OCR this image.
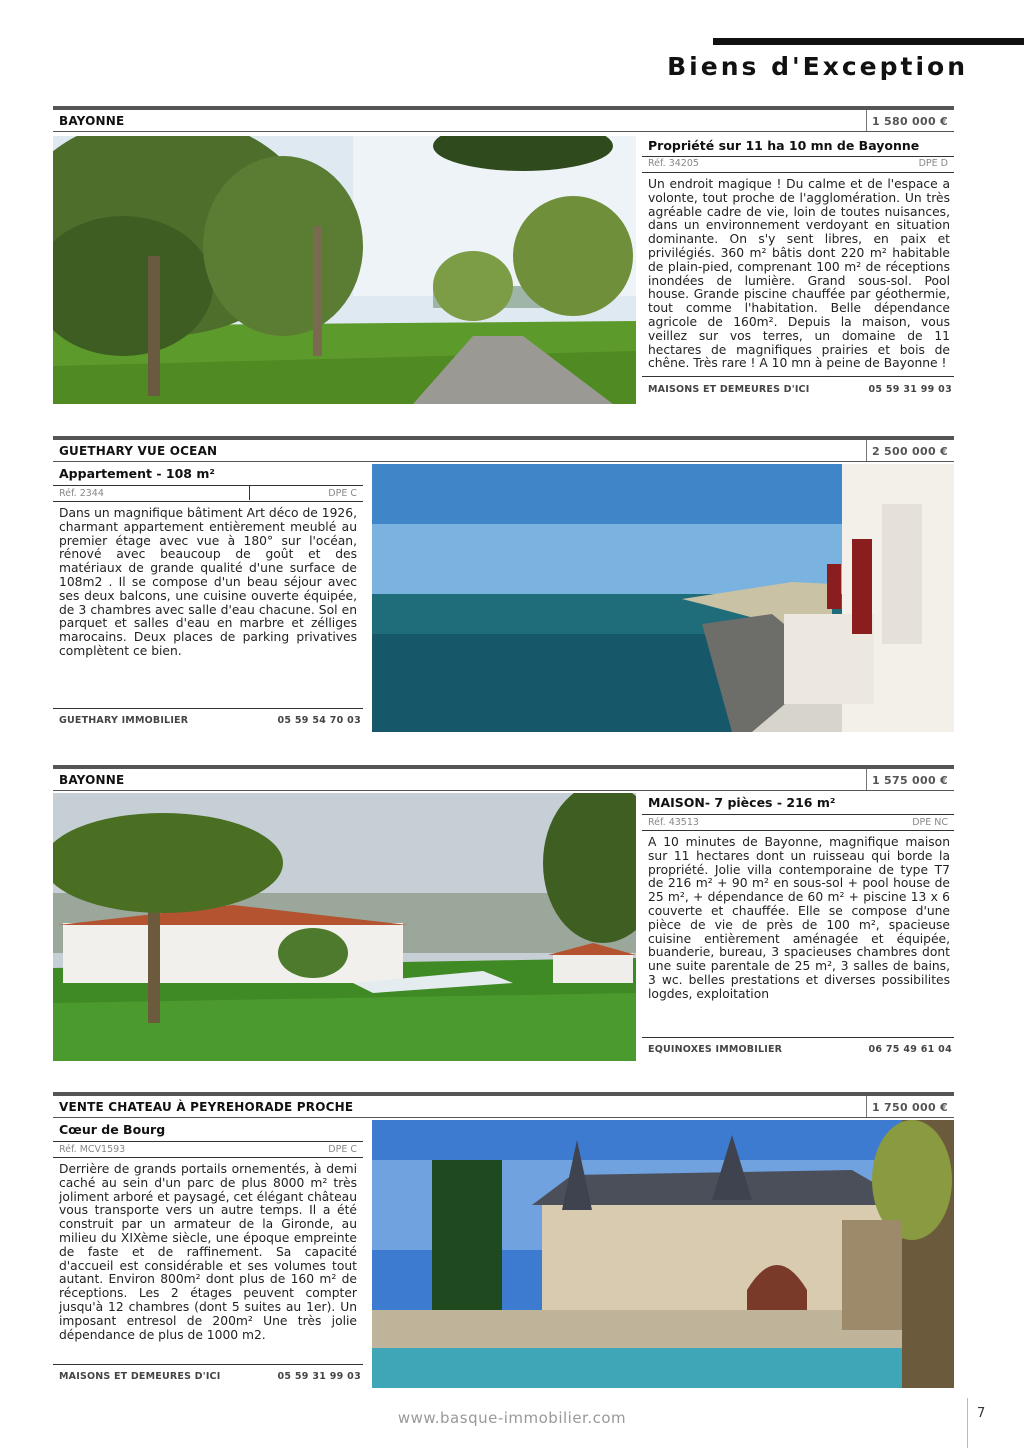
Biens d'Exception
BAYONNE	1 580 000 €
Propriété sur 11 ha 10 mn de Bayonne
Réf. 34205	DPE D
Un endroit magique ! Du calme et de l'espace a volonte, tout proche de l'agglomération. Un très agréable cadre de vie, loin de toutes nuisances, dans un environnement verdoyant en situation dominante. On s'y sent libres, en paix et privilégiés. 360 m² bâtis dont 220 m² habitable de plain-pied, comprenant 100 m² de réceptions inondées de lumière. Grand sous-sol. Pool house. Grande piscine chauffée par géothermie, tout comme l'habitation. Belle dépendance agricole de 160m². Depuis la maison, vous veillez sur vos terres, un domaine de 11 hectares de magnifiques prairies et bois de chêne. Très rare ! A 10 mn à peine de Bayonne !
MAISONS ET DEMEURES D'ICI	05 59 31 99 03
GUETHARY VUE OCEAN	2 500 000 €
Appartement - 108 m²
Réf. 2344	DPE C
Dans un magnifique bâtiment Art déco de 1926, charmant appartement entièrement meublé au premier étage avec vue à 180° sur l'océan, rénové avec beaucoup de goût et des matériaux de grande qualité d'une surface de 108m2 . Il se compose d'un beau séjour avec ses deux balcons, une cuisine ouverte équipée, de 3 chambres avec salle d'eau chacune. Sol en parquet et salles d'eau en marbre et zélliges marocains. Deux places de parking privatives complètent ce bien.
GUETHARY IMMOBILIER	05 59 54 70 03
BAYONNE	1 575 000 €
MAISON- 7 pièces - 216 m²
Réf. 43513	DPE NC
A 10 minutes de Bayonne, magnifique maison sur 11 hectares dont un ruisseau qui borde la propriété. Jolie villa contemporaine de type T7 de 216 m² + 90 m² en sous-sol + pool house de 25 m², + dépendance de 60 m² + piscine 13 x 6 couverte et chauffée. Elle se compose d'une pièce de vie de près de 100 m², spacieuse cuisine entièrement aménagée et équipée, buanderie, bureau, 3 spacieuses chambres dont une suite parentale de 25 m², 3 salles de bains, 3 wc. belles prestations et diverses possibilites logdes, exploitation
EQUINOXES IMMOBILIER	06 75 49 61 04
VENTE CHATEAU À PEYREHORADE PROCHE	1 750 000 €
Cœur de Bourg
Réf. MCV1593	DPE C
Derrière de grands portails ornementés, à demi caché au sein d'un parc de plus 8000 m² très joliment arboré et paysagé, cet élégant château vous transporte vers un autre temps. Il a été construit par un armateur de la Gironde, au milieu du XIXème siècle, une époque empreinte de faste et de raffinement. Sa capacité d'accueil est considérable et ses volumes tout autant. Environ 800m² dont plus de 160 m² de réceptions. Les 2 étages peuvent compter jusqu'à 12 chambres (dont 5 suites au 1er). Un imposant entresol de 200m² Une très jolie dépendance de plus de 1000 m2.
MAISONS ET DEMEURES D'ICI	05 59 31 99 03
www.basque-immobilier.com	7
